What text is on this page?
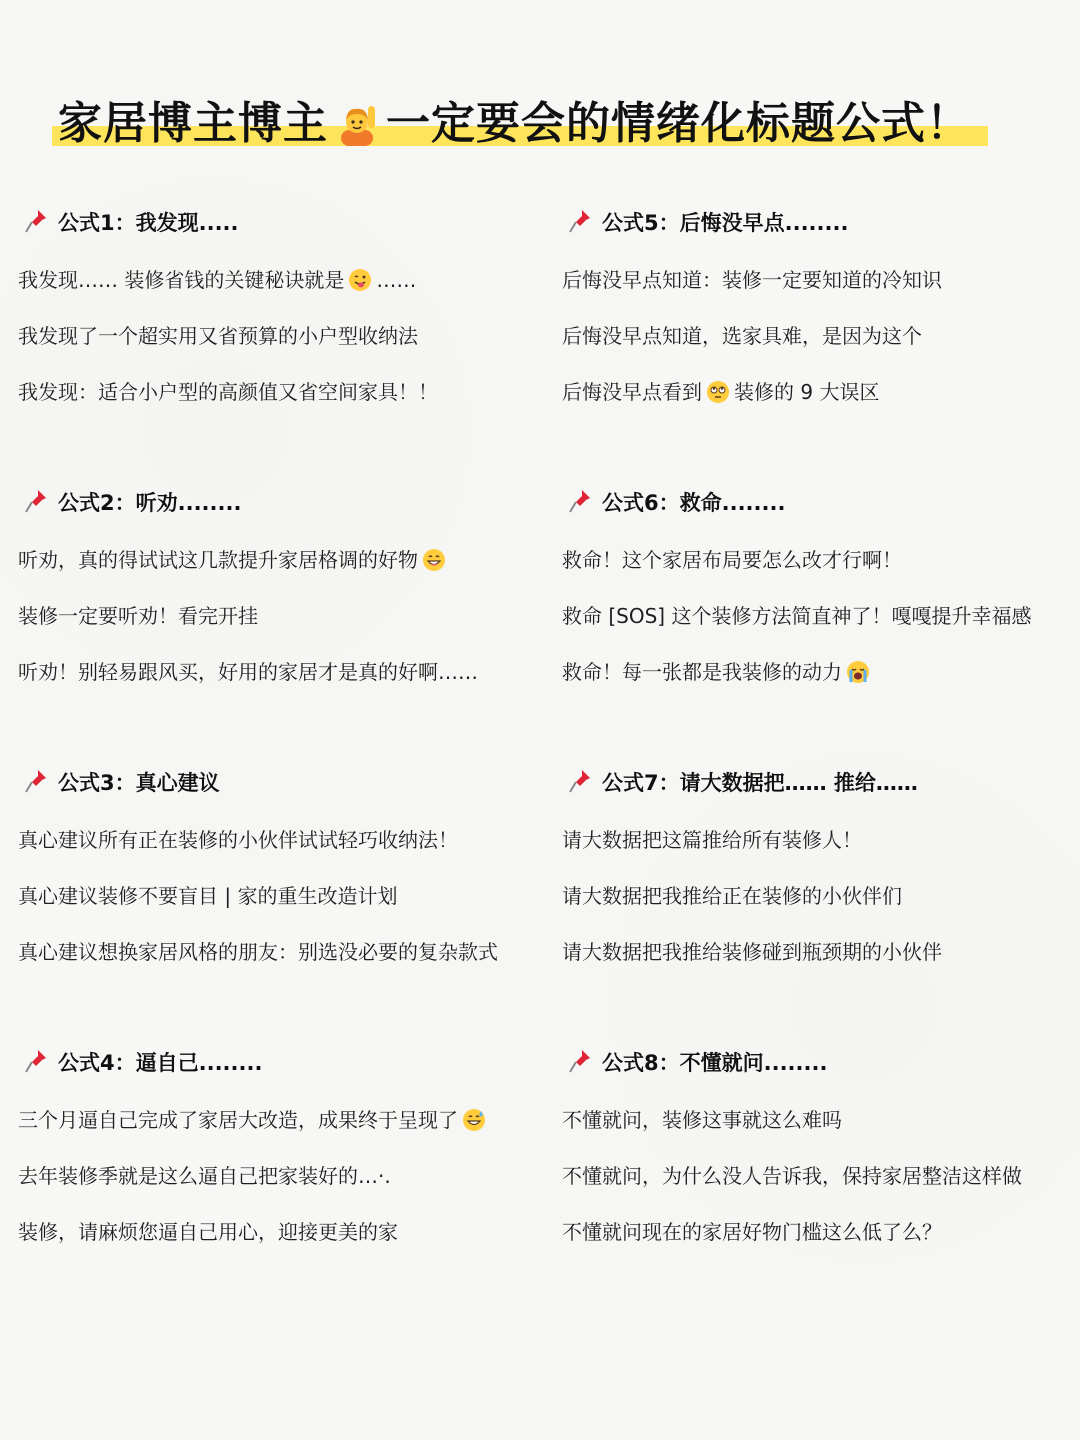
家居博主博主 一定要会的情绪化标题公式！
公式1：我发现.....
我发现…… 装修省钱的关键秘诀就是 ……
我发现了一个超实用又省预算的小户型收纳法
我发现：适合小户型的高颜值又省空间家具！！
公式2：听劝........
听劝，真的得试试这几款提升家居格调的好物
装修一定要听劝！看完开挂
听劝！别轻易跟风买，好用的家居才是真的好啊……
公式3：真心建议
真心建议所有正在装修的小伙伴试试轻巧收纳法！
真心建议装修不要盲目 | 家的重生改造计划
真心建议想换家居风格的朋友：别选没必要的复杂款式
公式4：逼自己........
三个月逼自己完成了家居大改造，成果终于呈现了
去年装修季就是这么逼自己把家装好的…·.
装修，请麻烦您逼自己用心，迎接更美的家
公式5：后悔没早点........
后悔没早点知道：装修一定要知道的冷知识
后悔没早点知道，选家具难，是因为这个
后悔没早点看到 装修的 9 大误区
公式6：救命........
救命！这个家居布局要怎么改才行啊！
救命 [SOS] 这个装修方法简直神了！嘎嘎提升幸福感
救命！每一张都是我装修的动力
公式7：请大数据把…… 推给……
请大数据把这篇推给所有装修人！
请大数据把我推给正在装修的小伙伴们
请大数据把我推给装修碰到瓶颈期的小伙伴
公式8：不懂就问........
不懂就问，装修这事就这么难吗
不懂就问，为什么没人告诉我，保持家居整洁这样做
不懂就问现在的家居好物门槛这么低了么？
